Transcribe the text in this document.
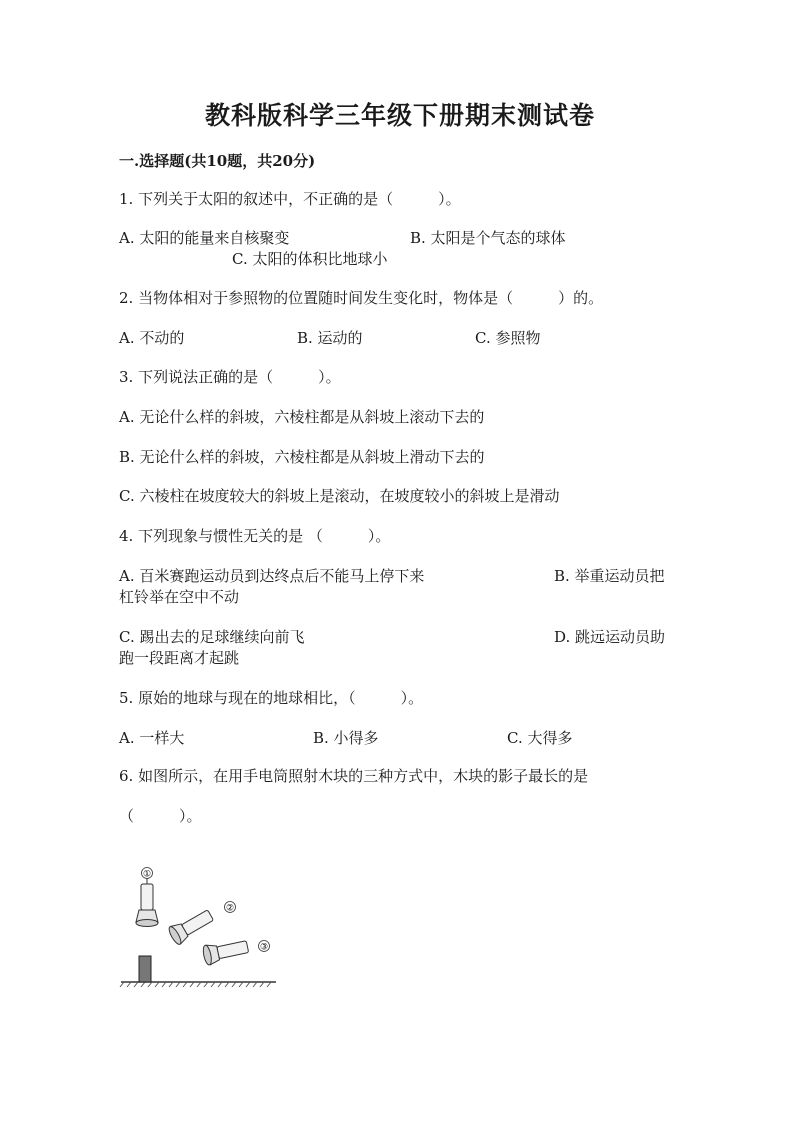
教科版科学三年级下册期末测试卷
一.选择题(共10题，共20分)
1. 下列关于太阳的叙述中，不正确的是（　　　）。
A. 太阳的能量来自核聚变	B. 太阳是个气态的球体
C. 太阳的体积比地球小
2. 当物体相对于参照物的位置随时间发生变化时，物体是（　　　）的。
A. 不动的	B. 运动的	C. 参照物
3. 下列说法正确的是（　　　）。
A. 无论什么样的斜坡，六棱柱都是从斜坡上滚动下去的
B. 无论什么样的斜坡，六棱柱都是从斜坡上滑动下去的
C. 六棱柱在坡度较大的斜坡上是滚动，在坡度较小的斜坡上是滑动
4. 下列现象与惯性无关的是 （　　　）。
A. 百米赛跑运动员到达终点后不能马上停下来	B. 举重运动员把
杠铃举在空中不动
C. 踢出去的足球继续向前飞	D. 跳远运动员助
跑一段距离才起跳
5. 原始的地球与现在的地球相比，（　　　）。
A. 一样大	B. 小得多	C. 大得多
6. 如图所示，在用手电筒照射木块的三种方式中，木块的影子最长的是
（　　　）。
①
②
③
